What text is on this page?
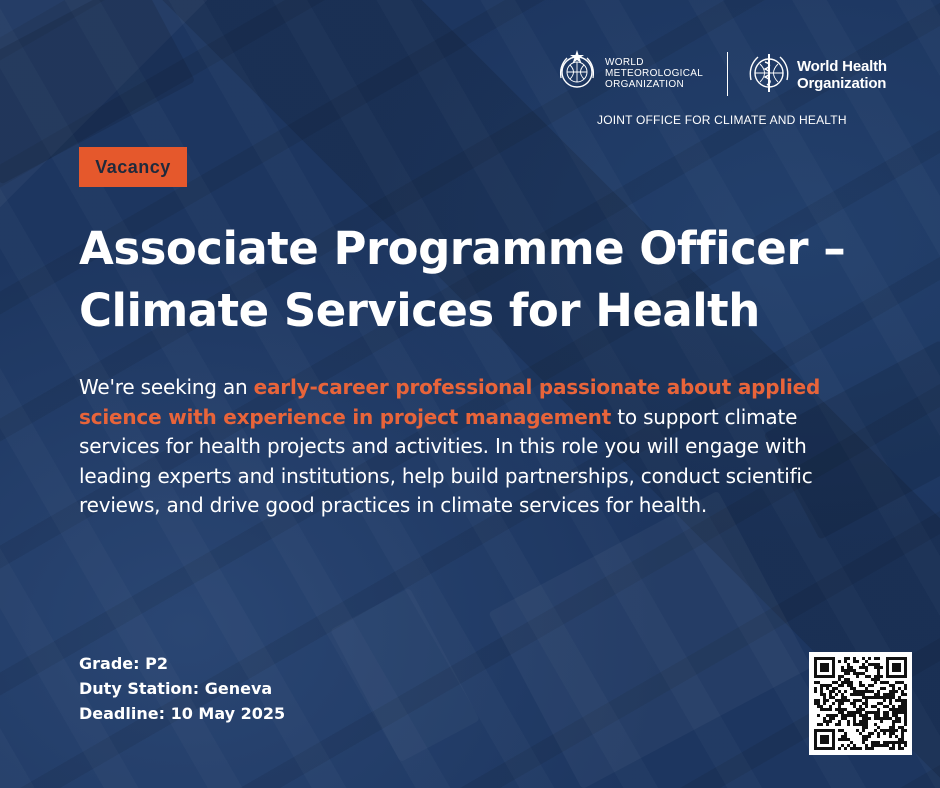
WORLD
METEOROLOGICAL
ORGANIZATION
World Health
Organization
JOINT OFFICE FOR CLIMATE AND HEALTH
Vacancy
Associate Programme Officer –
Climate Services for Health

We're seeking an early-career professional passionate about applied science with experience in project management to support climate services for health projects and activities. In this role you will engage with leading experts and institutions, help build partnerships, conduct scientific reviews, and drive good practices in climate services for health.

Grade: P2
Duty Station: Geneva
Deadline: 10 May 2025
